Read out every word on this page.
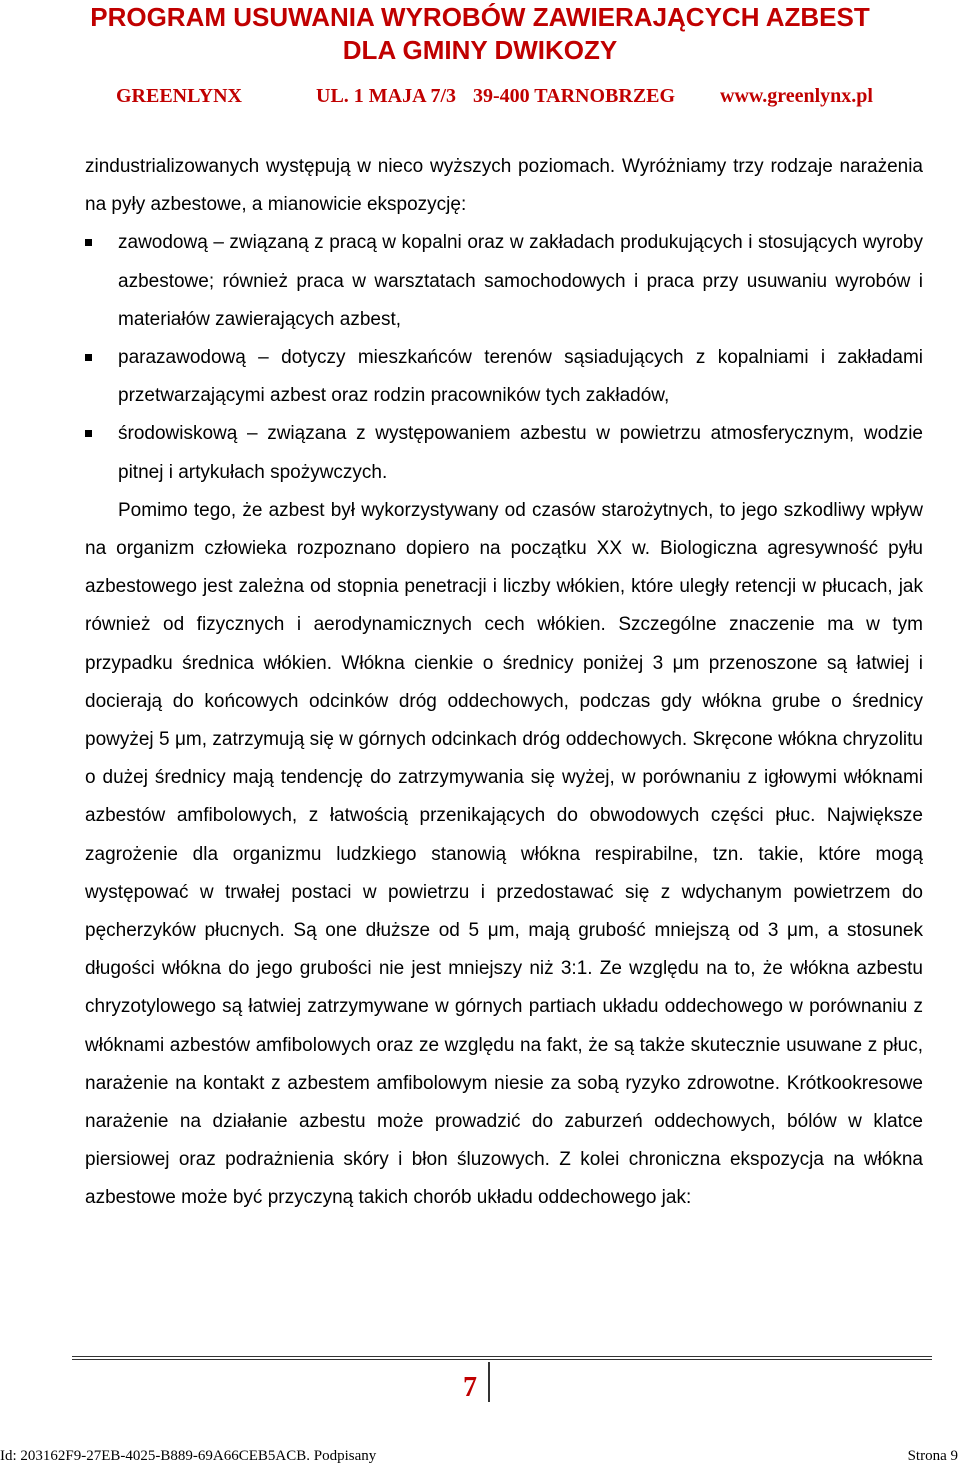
PROGRAM USUWANIA WYROBÓW ZAWIERAJĄCYCH AZBEST
DLA GMINY DWIKOZY
GREENLYNX	UL. 1 MAJA 7/3 39-400 TARNOBRZEG www.greenlynx.pl

zindustrializowanych występują w nieco wyższych poziomach. Wyróżniamy trzy rodzaje narażenia na pyły azbestowe, a mianowicie ekspozycję:

zawodową – związaną z pracą w kopalni oraz w zakładach produkujących i stosujących wyroby azbestowe; również praca w warsztatach samochodowych i praca przy usuwaniu wyrobów i materiałów zawierających azbest,
parazawodową – dotyczy mieszkańców terenów sąsiadujących z kopalniami i zakładami przetwarzającymi azbest oraz rodzin pracowników tych zakładów,
środowiskową – związana z występowaniem azbestu w powietrzu atmosferycznym, wodzie pitnej i artykułach spożywczych.

Pomimo tego, że azbest był wykorzystywany od czasów starożytnych, to jego szkodliwy wpływ na organizm człowieka rozpoznano dopiero na początku XX w. Biologiczna agresywność pyłu azbestowego jest zależna od stopnia penetracji i liczby włókien, które uległy retencji w płucach, jak również od fizycznych i aerodynamicznych cech włókien. Szczególne znaczenie ma w tym przypadku średnica włókien. Włókna cienkie o średnicy poniżej 3 μm przenoszone są łatwiej i docierają do końcowych odcinków dróg oddechowych, podczas gdy włókna grube o średnicy powyżej 5 μm, zatrzymują się w górnych odcinkach dróg oddechowych. Skręcone włókna chryzolitu o dużej średnicy mają tendencję do zatrzymywania się wyżej, w porównaniu z igłowymi włóknami azbestów amfibolowych, z łatwością przenikających do obwodowych części płuc. Największe zagrożenie dla organizmu ludzkiego stanowią włókna respirabilne, tzn. takie, które mogą występować w trwałej postaci w powietrzu i przedostawać się z wdychanym powietrzem do pęcherzyków płucnych. Są one dłuższe od 5 μm, mają grubość mniejszą od 3 μm, a stosunek długości włókna do jego grubości nie jest mniejszy niż 3:1. Ze względu na to, że włókna azbestu chryzotylowego są łatwiej zatrzymywane w górnych partiach układu oddechowego w porównaniu z włóknami azbestów amfibolowych oraz ze względu na fakt, że są także skutecznie usuwane z płuc, narażenie na kontakt z azbestem amfibolowym niesie za sobą ryzyko zdrowotne. Krótkookresowe narażenie na działanie azbestu może prowadzić do zaburzeń oddechowych, bólów w klatce piersiowej oraz podrażnienia skóry i błon śluzowych. Z kolei chroniczna ekspozycja na włókna azbestowe może być przyczyną takich chorób układu oddechowego jak:

7
Id: 203162F9-27EB-4025-B889-69A66CEB5ACB. Podpisany	Strona 9
